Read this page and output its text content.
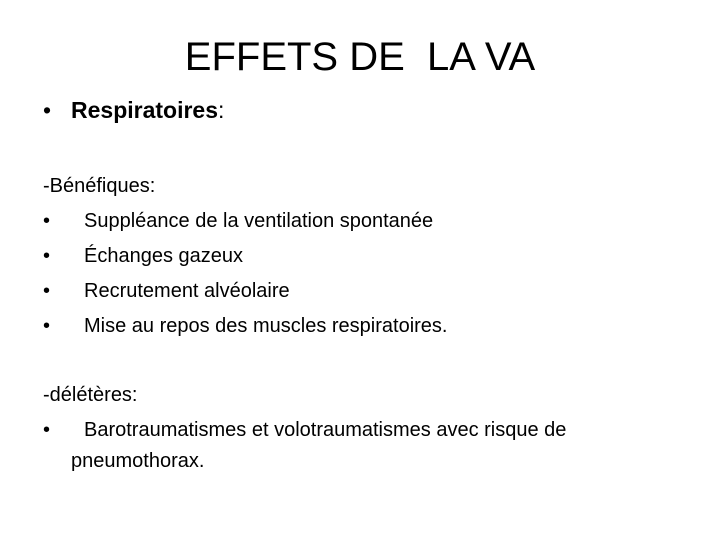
EFFETS DE  LA VA
• Respiratoires:
-Bénéfiques:
• Suppléance de la ventilation spontanée
• Échanges gazeux
• Recrutement alvéolaire
• Mise au repos des muscles respiratoires.
-délétères:
• Barotraumatismes et volotraumatismes avec risque de
pneumothorax.
